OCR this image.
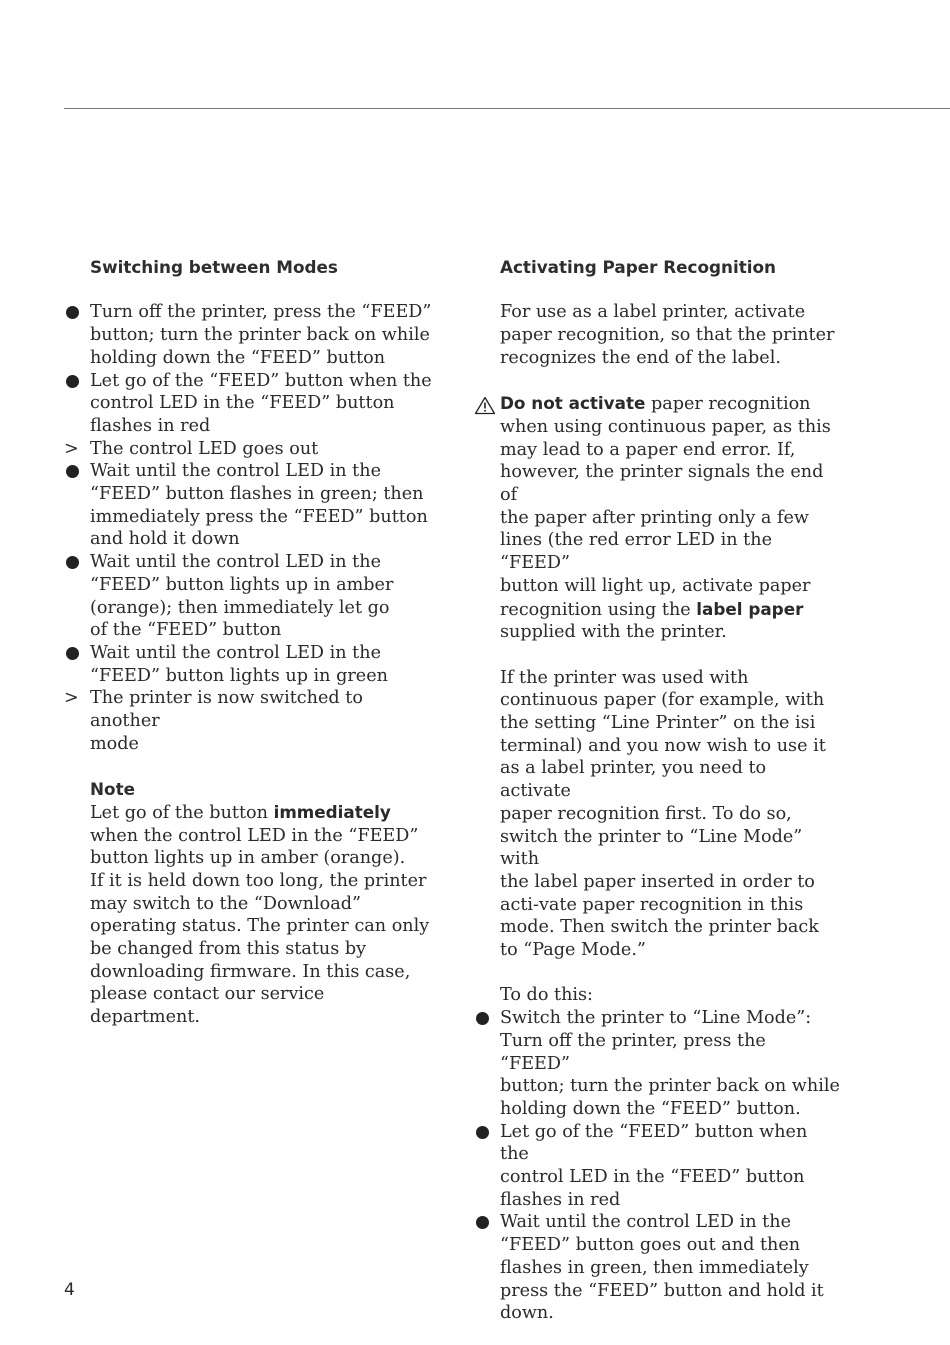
Switching between Modes
Turn off the printer, press the “FEED”
button; turn the printer back on while
holding down the “FEED” button
Let go of the “FEED” button when the
control LED in the “FEED” button
flashes in red
> The control LED goes out
Wait until the control LED in the
“FEED” button flashes in green; then
immediately press the “FEED” button
and hold it down
Wait until the control LED in the
“FEED” button lights up in amber
(orange); then immediately let go
of the “FEED” button
Wait until the control LED in the
“FEED” button lights up in green
> The printer is now switched to another
mode
Note
Let go of the button immediately
when the control LED in the “FEED”
button lights up in amber (orange).
If it is held down too long, the printer
may switch to the “Download”
operating status. The printer can only
be changed from this status by
downloading firmware. In this case,
please contact our service department.
Activating Paper Recognition
For use as a label printer, activate
paper recognition, so that the printer
recognizes the end of the label.
Do not activate paper recognition
when using continuous paper, as this
may lead to a paper end error. If,
however, the printer signals the end of
the paper after printing only a few
lines (the red error LED in the “FEED”
button will light up, activate paper
recognition using the label paper
supplied with the printer.
If the printer was used with
continuous paper (for example, with
the setting “Line Printer” on the isi
terminal) and you now wish to use it
as a label printer, you need to activate
paper recognition first. To do so,
switch the printer to “Line Mode” with
the label paper inserted in order to
acti-vate paper recognition in this
mode. Then switch the printer back
to “Page Mode.”
To do this:
Switch the printer to “Line Mode”:
Turn off the printer, press the “FEED”
button; turn the printer back on while
holding down the “FEED” button.
Let go of the “FEED” button when the
control LED in the “FEED” button
flashes in red
Wait until the control LED in the
“FEED” button goes out and then
flashes in green, then immediately
press the “FEED” button and hold it
down.
4
